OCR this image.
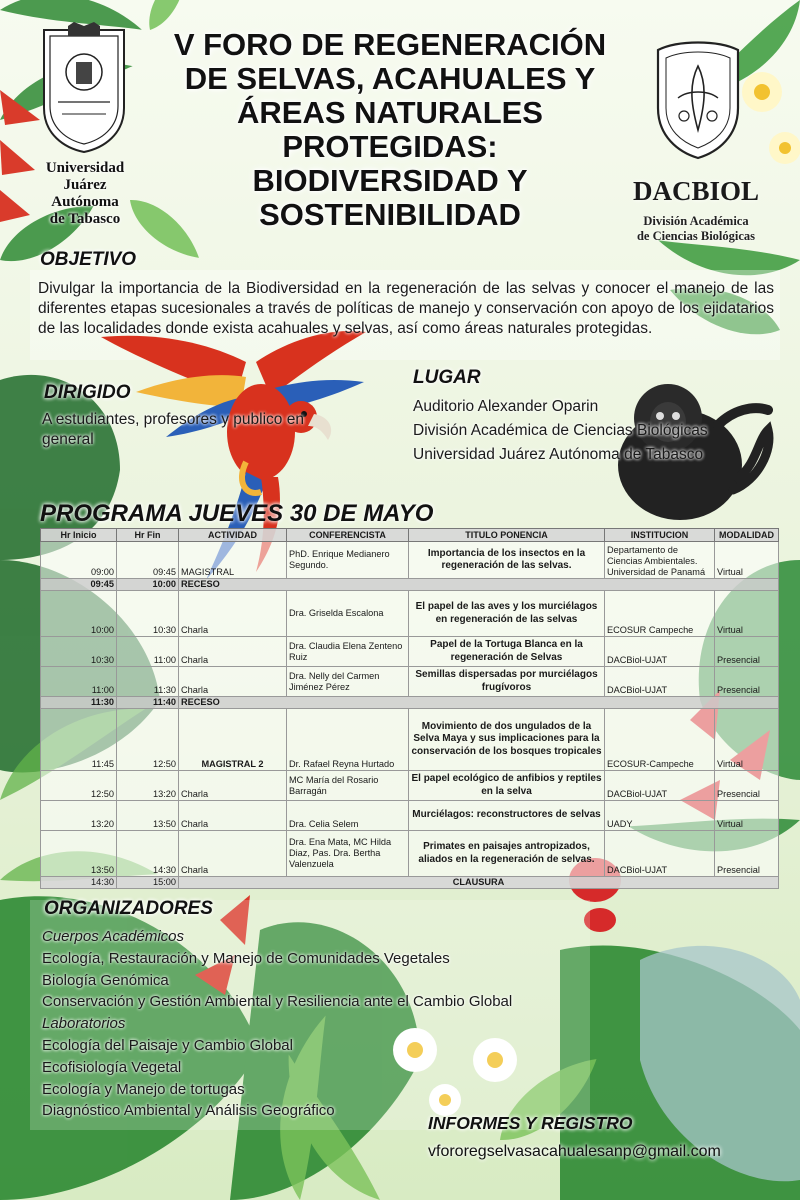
Universidad
Juárez
Autónoma
de Tabasco
DACBIOL
División Académica
de Ciencias Biológicas
V FORO DE REGENERACIÓN
DE SELVAS, ACAHUALES Y
ÁREAS NATURALES
PROTEGIDAS:
BIODIVERSIDAD Y
SOSTENIBILIDAD
OBJETIVO
Divulgar la importancia de la Biodiversidad en la regeneración de las selvas y conocer el manejo de las diferentes etapas sucesionales a través de políticas de manejo y conservación con apoyo de los ejidatarios de las localidades donde exista acahuales y selvas, así como áreas naturales protegidas.
DIRIGIDO
A estudiantes, profesores y publico en
general
LUGAR
Auditorio Alexander Oparin
División Académica de Ciencias Biológicas
Universidad Juárez Autónoma de Tabasco
PROGRAMA JUEVES 30 DE MAYO
Hr Inicio	Hr Fin	ACTIVIDAD	CONFERENCISTA	TITULO PONENCIA	INSTITUCION	MODALIDAD
09:00	09:45	MAGISTRAL	PhD. Enrique Medianero Segundo.	Importancia de los insectos en la regeneración de las selvas.	Departamento de Ciencias Ambientales. Universidad de Panamá	Virtual
09:45	10:00	RECESO				
10:00	10:30	Charla	Dra. Griselda Escalona	El papel de las aves y los murciélagos en regeneración de las selvas	ECOSUR Campeche	Virtual
10:30	11:00	Charla	Dra. Claudia Elena Zenteno Ruiz	Papel de la Tortuga Blanca en la regeneración de Selvas	DACBiol-UJAT	Presencial
11:00	11:30	Charla	Dra. Nelly del Carmen Jiménez Pérez	Semillas dispersadas por murciélagos frugívoros	DACBiol-UJAT	Presencial
11:30	11:40	RECESO				
11:45	12:50	MAGISTRAL 2	Dr. Rafael Reyna Hurtado	Movimiento de dos ungulados de la Selva Maya y sus implicaciones para la conservación de los bosques tropicales	ECOSUR-Campeche	Virtual
12:50	13:20	Charla	MC María del Rosario Barragán	El papel ecológico de anfibios y reptiles en la selva	DACBiol-UJAT	Presencial
13:20	13:50	Charla	Dra. Celia Selem	Murciélagos: reconstructores de selvas	UADY	Virtual
13:50	14:30	Charla	Dra. Ena Mata, MC Hilda Diaz, Pas. Dra. Bertha Valenzuela	Primates en paisajes antropizados, aliados en la regeneración de selvas.	DACBiol-UJAT	Presencial
14:30	15:00	CLAUSURA				
ORGANIZADORES
Cuerpos Académicos
Ecología, Restauración y Manejo de Comunidades Vegetales
Biología Genómica
Conservación y Gestión Ambiental y Resiliencia ante el Cambio Global
Laboratorios
Ecología del Paisaje y Cambio Global
Ecofisiología Vegetal
Ecología y Manejo de tortugas
Diagnóstico Ambiental y Análisis Geográfico
INFORMES Y REGISTRO
vfororegselvasacahualesanp@gmail.com
